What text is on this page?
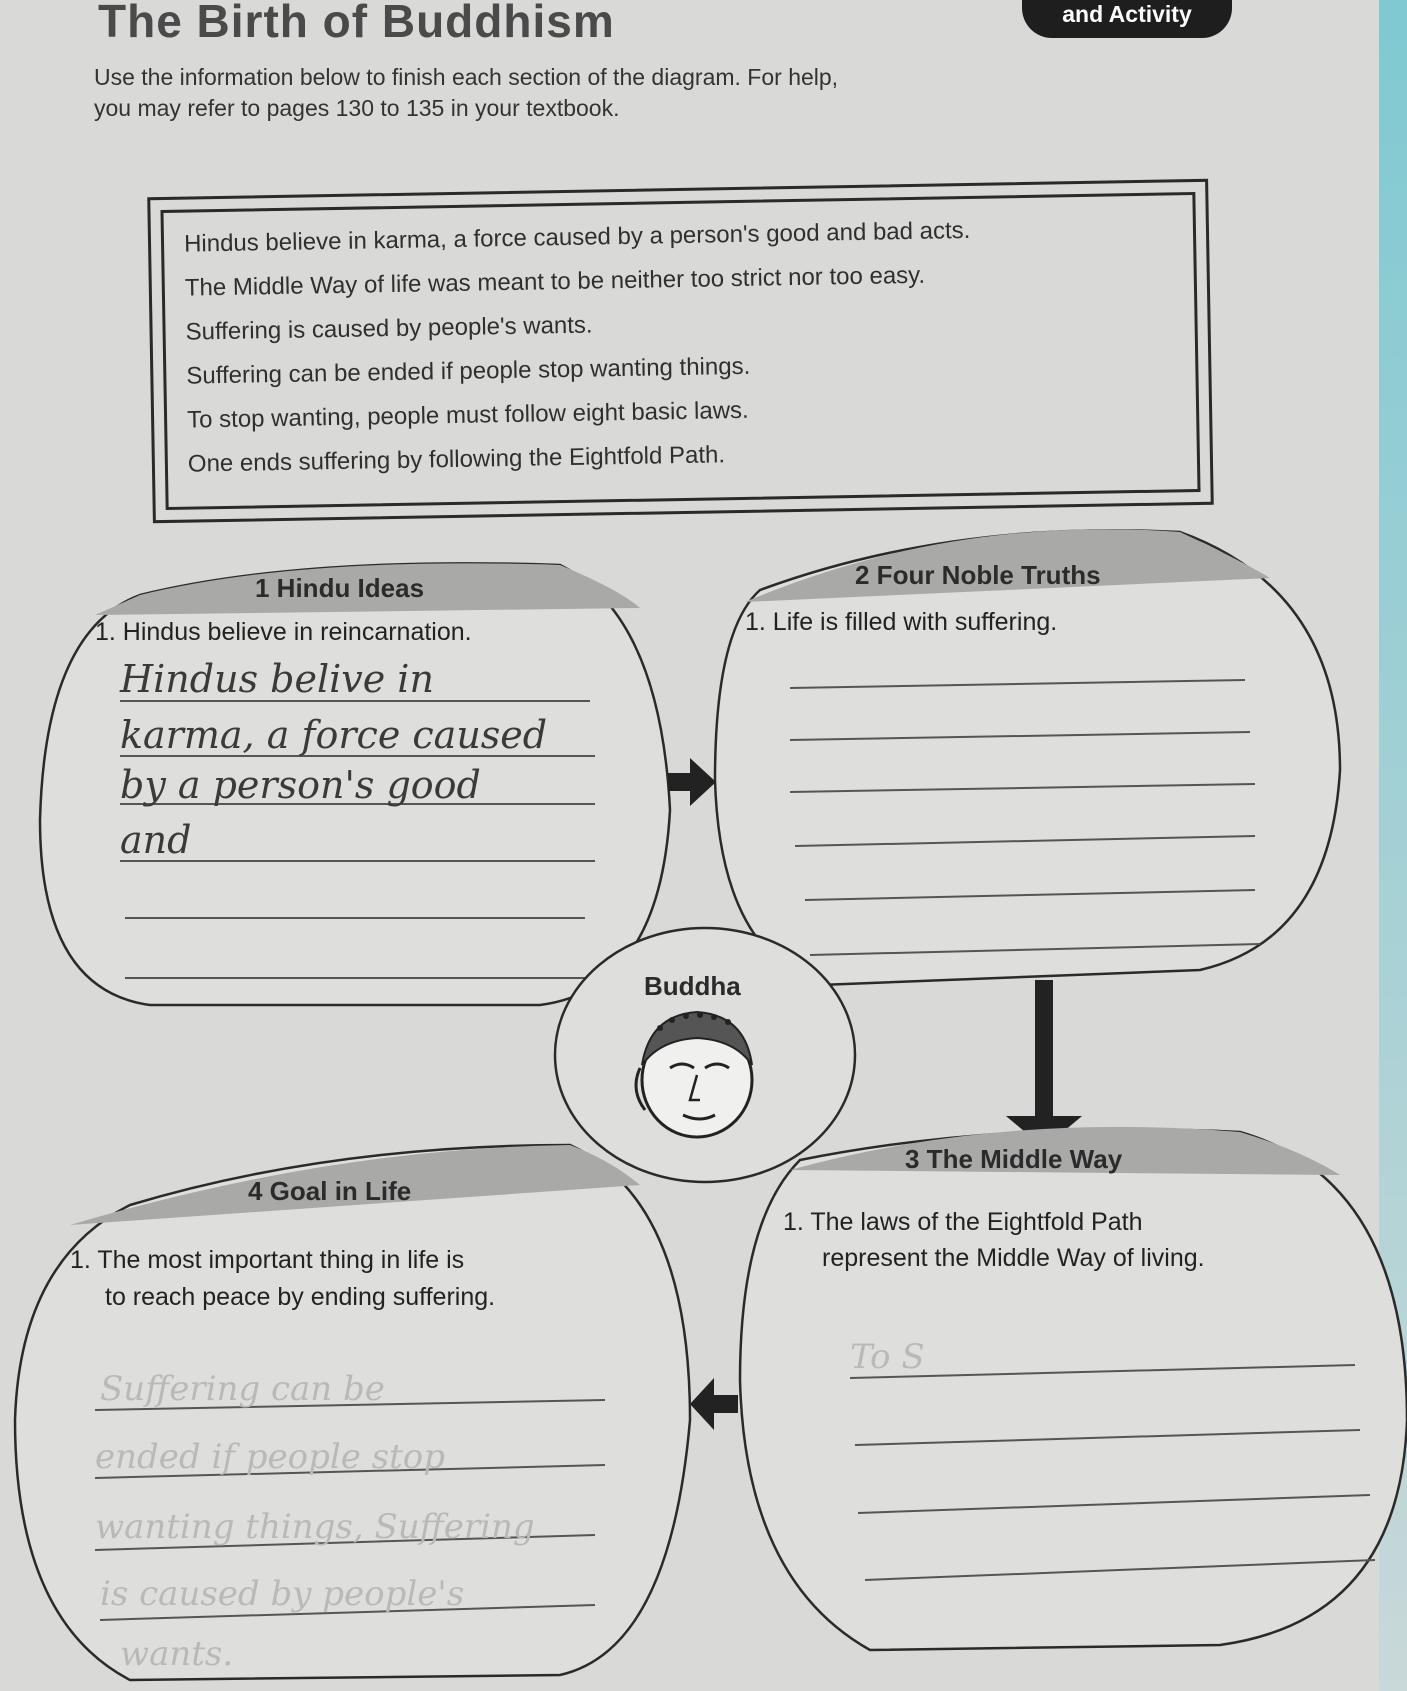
The Birth of Buddhism	and Activity
Use the information below to finish each section of the diagram. For help,
you may refer to pages 130 to 135 in your textbook.
Hindus believe in karma, a force caused by a person's good and bad acts.
The Middle Way of life was meant to be neither too strict nor too easy.
Suffering is caused by people's wants.
Suffering can be ended if people stop wanting things.
To stop wanting, people must follow eight basic laws.
One ends suffering by following the Eightfold Path.
1 Hindu Ideas
1. Hindus believe in reincarnation.
Hindus belive in
karma, a force caused
by a person's good
and
2 Four Noble Truths
1. Life is filled with suffering.
Buddha
3 The Middle Way
1. The laws of the Eightfold Path
represent the Middle Way of living.
To S
4 Goal in Life
1. The most important thing in life is
to reach peace by ending suffering.
Suffering can be
ended if people stop
wanting things, Suffering
is caused by people's
wants.
